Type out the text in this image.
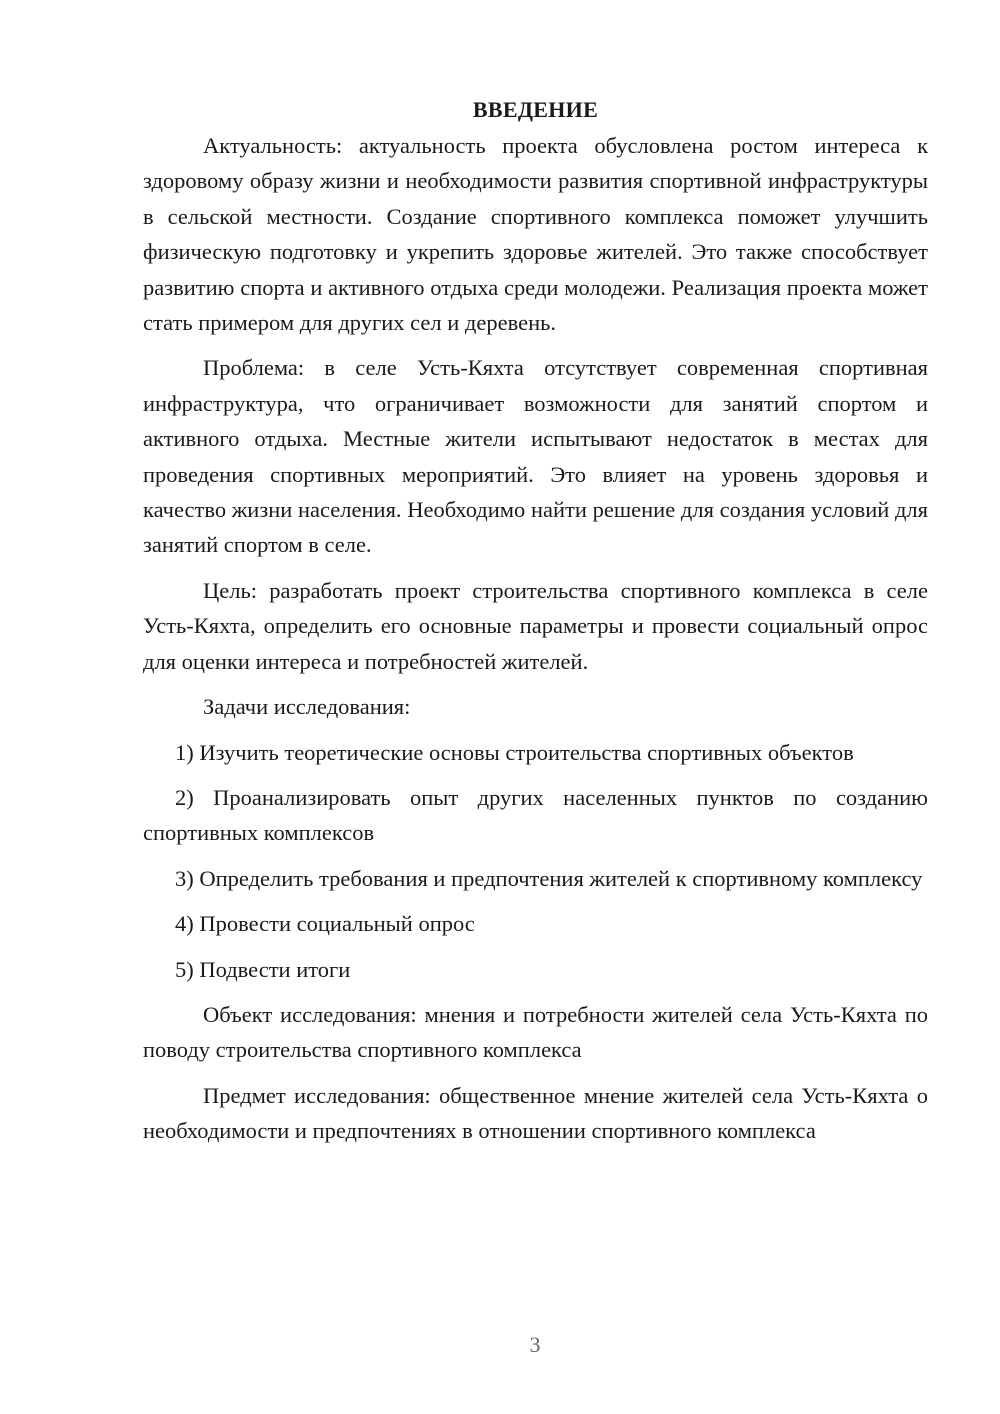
ВВЕДЕНИЕ

Актуальность: актуальность проекта обусловлена ростом интереса к здоровому образу жизни и необходимости развития спортивной инфраструктуры в сельской местности. Создание спортивного комплекса поможет улучшить физическую подготовку и укрепить здоровье жителей. Это также способствует развитию спорта и активного отдыха среди молодежи. Реализация проекта может стать примером для других сел и деревень.

Проблема: в селе Усть-Кяхта отсутствует современная спортивная инфраструктура, что ограничивает возможности для занятий спортом и активного отдыха. Местные жители испытывают недостаток в местах для проведения спортивных мероприятий. Это влияет на уровень здоровья и качество жизни населения. Необходимо найти решение для создания условий для занятий спортом в селе.

Цель: разработать проект строительства спортивного комплекса в селе Усть-Кяхта, определить его основные параметры и провести социальный опрос для оценки интереса и потребностей жителей.

Задачи исследования:

1) Изучить теоретические основы строительства спортивных объектов

2) Проанализировать опыт других населенных пунктов по созданию спортивных комплексов

3) Определить требования и предпочтения жителей к спортивному комплексу

4) Провести социальный опрос

5) Подвести итоги

Объект исследования: мнения и потребности жителей села Усть-Кяхта по поводу строительства спортивного комплекса

Предмет исследования: общественное мнение жителей села Усть-Кяхта о необходимости и предпочтениях в отношении спортивного комплекса

3
